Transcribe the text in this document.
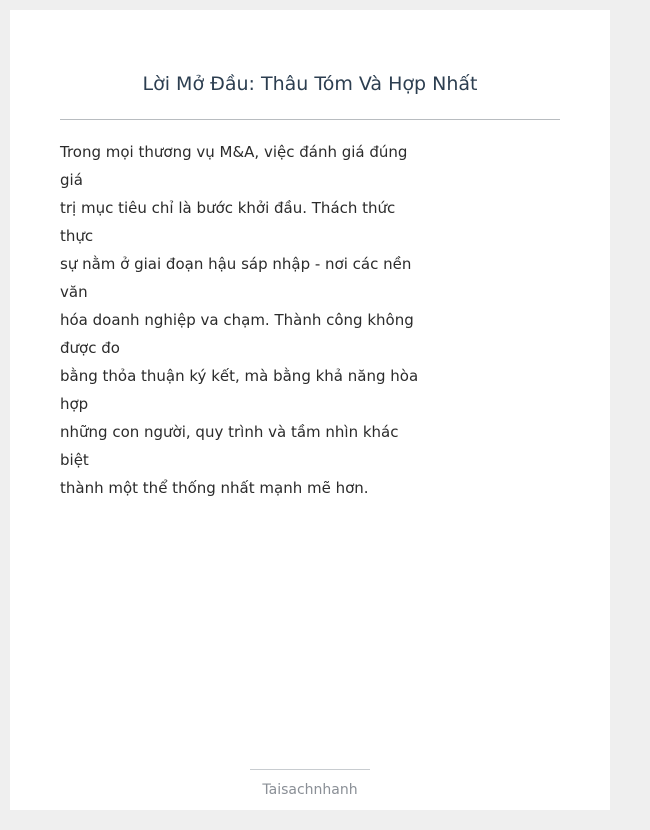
Lời Mở Đầu: Thâu Tóm Và Hợp Nhất
Trong mọi thương vụ M&A, việc đánh giá đúng
giá
trị mục tiêu chỉ là bước khởi đầu. Thách thức
thực
sự nằm ở giai đoạn hậu sáp nhập - nơi các nền
văn
hóa doanh nghiệp va chạm. Thành công không
được đo
bằng thỏa thuận ký kết, mà bằng khả năng hòa
hợp
những con người, quy trình và tầm nhìn khác
biệt
thành một thể thống nhất mạnh mẽ hơn.
Taisachnhanh
